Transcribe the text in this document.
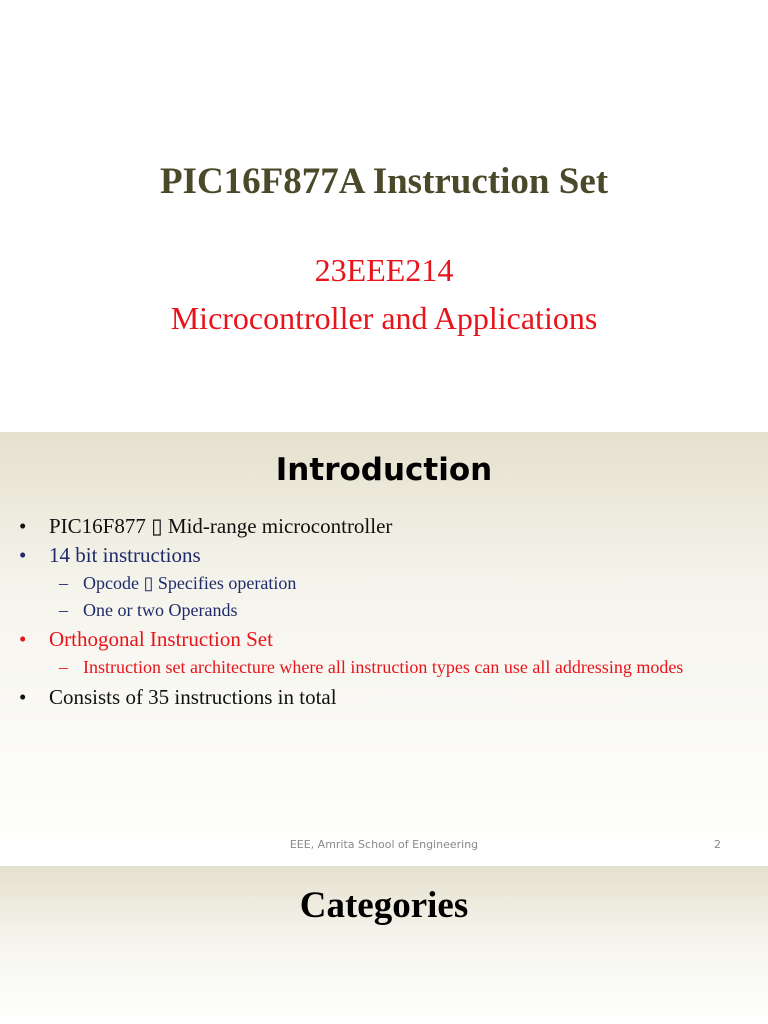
PIC16F877A Instruction Set
23EEE214
Microcontroller and Applications
Introduction
• PIC16F877 ▯ Mid-range microcontroller
• 14 bit instructions
– Opcode ▯ Specifies operation
– One or two Operands
• Orthogonal Instruction Set
– Instruction set architecture where all instruction types can use all addressing modes
• Consists of 35 instructions in total
EEE, Amrita School of Engineering	2
Categories
